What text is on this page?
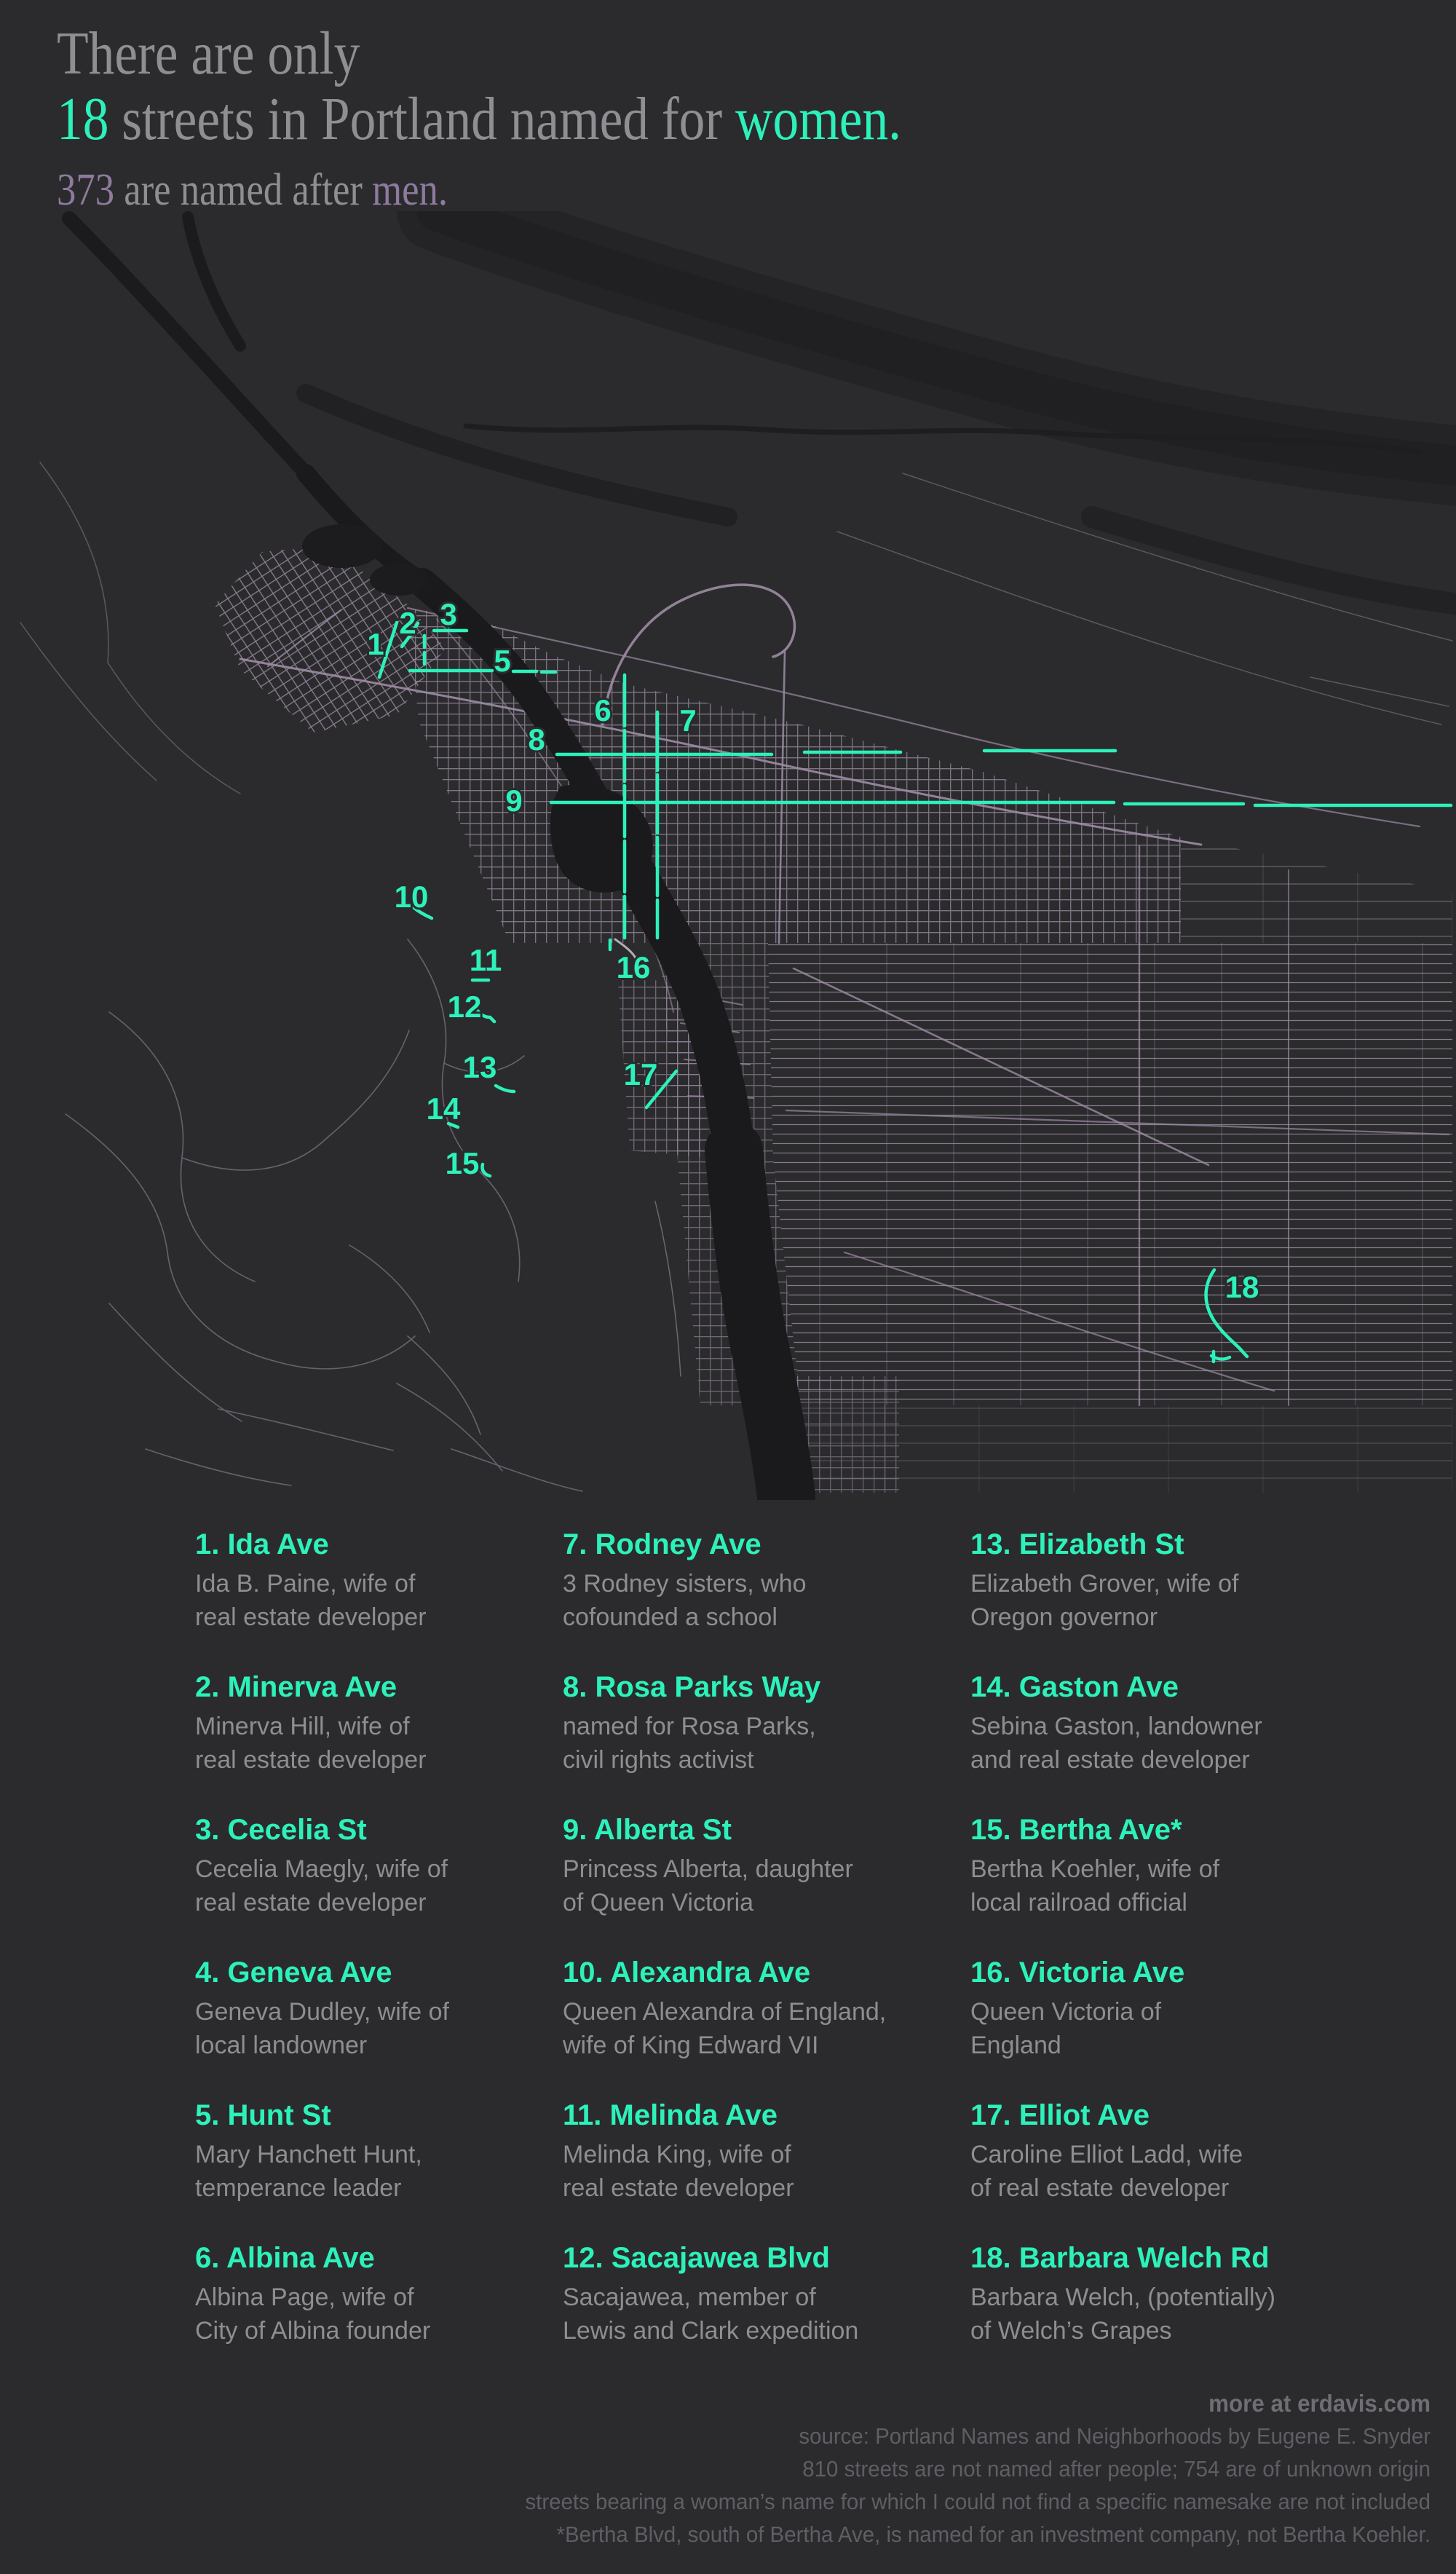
There are only
18 streets in Portland named for women.
373 are named after men.
1
2 3
5
6 7
8
9
10
11
12
13
14
15
16
17
18
1. Ida Ave
Ida B. Paine, wife of
real estate developer
2. Minerva Ave
Minerva Hill, wife of
real estate developer
3. Cecelia St
Cecelia Maegly, wife of
real estate developer
4. Geneva Ave
Geneva Dudley, wife of
local landowner
5. Hunt St
Mary Hanchett Hunt,
temperance leader
6. Albina Ave
Albina Page, wife of
City of Albina founder
7. Rodney Ave
3 Rodney sisters, who
cofounded a school
8. Rosa Parks Way
named for Rosa Parks,
civil rights activist
9. Alberta St
Princess Alberta, daughter
of Queen Victoria
10. Alexandra Ave
Queen Alexandra of England,
wife of King Edward VII
11. Melinda Ave
Melinda King, wife of
real estate developer
12. Sacajawea Blvd
Sacajawea, member of
Lewis and Clark expedition
13. Elizabeth St
Elizabeth Grover, wife of
Oregon governor
14. Gaston Ave
Sebina Gaston, landowner
and real estate developer
15. Bertha Ave*
Bertha Koehler, wife of
local railroad official
16. Victoria Ave
Queen Victoria of
England
17. Elliot Ave
Caroline Elliot Ladd, wife
of real estate developer
18. Barbara Welch Rd
Barbara Welch, (potentially)
of Welch’s Grapes
more at erdavis.com
source: Portland Names and Neighborhoods by Eugene E. Snyder
810 streets are not named after people; 754 are of unknown origin
streets bearing a woman’s name for which I could not find a specific namesake are not included
*Bertha Blvd, south of Bertha Ave, is named for an investment company, not Bertha Koehler.
